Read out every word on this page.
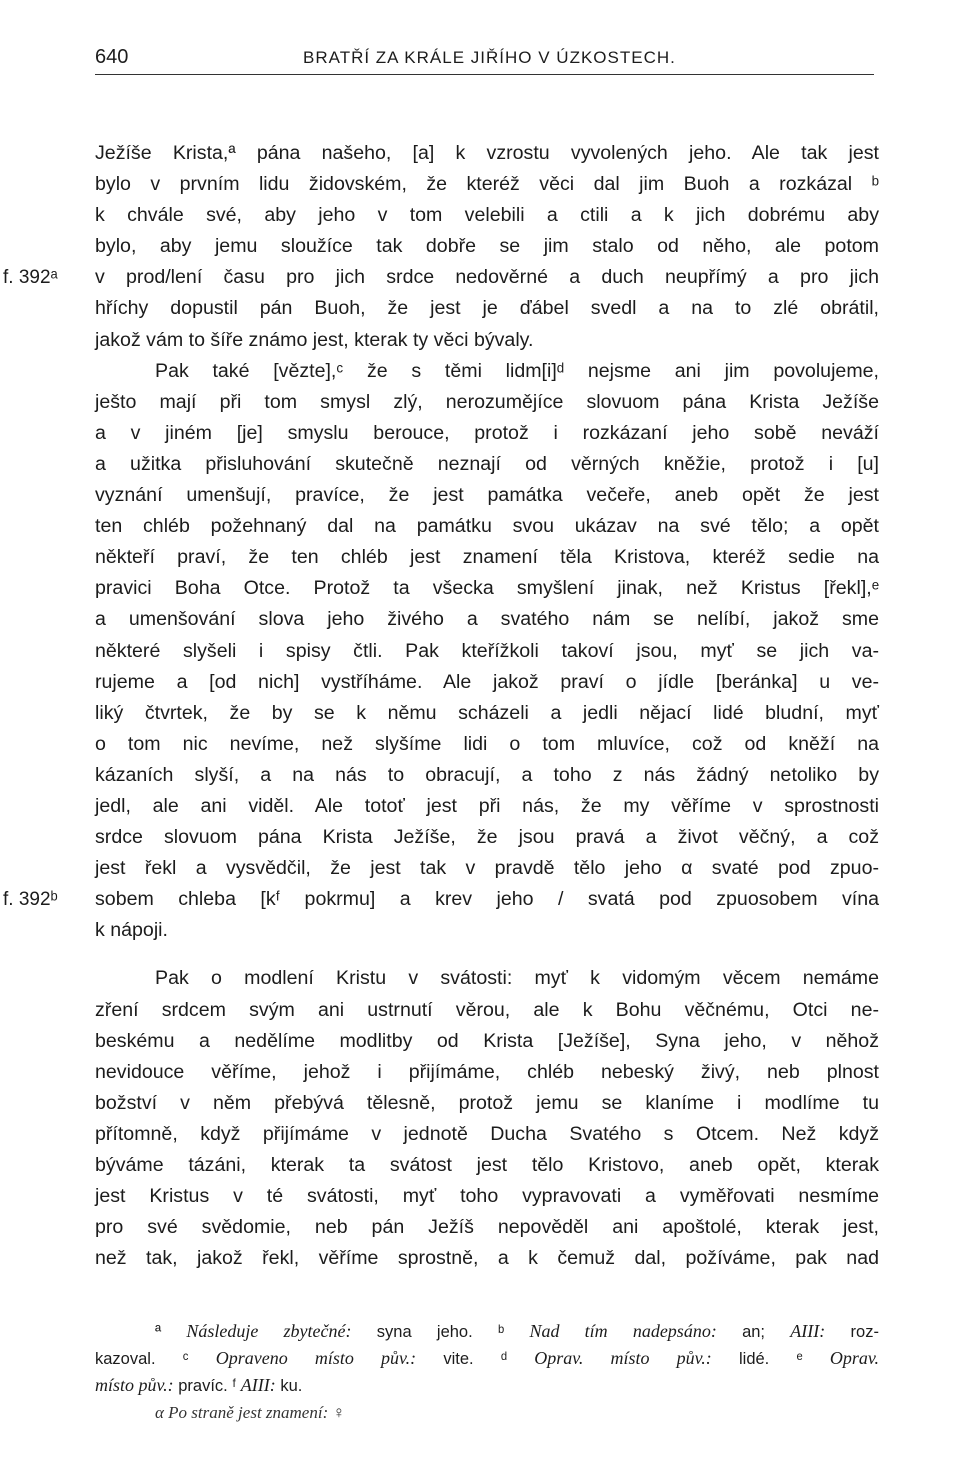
640	BRATŘÍ ZA KRÁLE JIŘÍHO V ÚZKOSTECH.
Ježíše Krista,ª pána našeho, [a] k vzrostu vyvolených jeho. Ale tak jest
bylo v prvním lidu židovském, že kteréž věci dal jim Buoh a rozkázal ᵇ
k chvále své, aby jeho v tom velebili a ctili a k jich dobrému aby
bylo, aby jemu sloužíce tak dobře se jim stalo od něho, ale potom
f. 392ᵃ v prod/lení času pro jich srdce nedověrné a duch neupřímý a pro jich
hříchy dopustil pán Buoh, že jest je ďábel svedl a na to zlé obrátil,
jakož vám to šíře známo jest, kterak ty věci bývaly.
Pak také [vězte],ᶜ že s těmi lidm[i]ᵈ nejsme ani jim povolujeme,
ješto mají při tom smysl zlý, nerozumějíce slovuom pána Krista Ježíše
a v jiném [je] smyslu berouce, protož i rozkázaní jeho sobě neváží
a užitka přisluhování skutečně neznají od věrných kněžie, protož i [u]
vyznání umenšují, pravíce, že jest památka večeře, aneb opět že jest
ten chléb požehnaný dal na památku svou ukázav na své tělo; a opět
někteří praví, že ten chléb jest znamení těla Kristova, kteréž sedie na
pravici Boha Otce. Protož ta všecka smyšlení jinak, než Kristus [řekl],ᵉ
a umenšování slova jeho živého a svatého nám se nelíbí, jakož sme
některé slyšeli i spisy čtli. Pak kteřížkoli takoví jsou, myť se jich va-
rujeme a [od nich] vystříháme. Ale jakož praví o jídle [beránka] u ve-
liký čtvrtek, že by se k němu scházeli a jedli nějací lidé bludní, myť
o tom nic nevíme, než slyšíme lidi o tom mluvíce, což od kněží na
kázaních slyší, a na nás to obracují, a toho z nás žádný netoliko by
jedl, ale ani viděl. Ale totoť jest při nás, že my věříme v sprostnosti
srdce slovuom pána Krista Ježíše, že jsou pravá a život věčný, a což
jest řekl a vysvědčil, že jest tak v pravdě tělo jeho α svaté pod zpuo-
f. 392ᵇ sobem chleba [kᶠ pokrmu] a krev jeho / svatá pod zpuosobem vína
k nápoji.
Pak o modlení Kristu v svátosti: myť k vidomým věcem nemáme
zření srdcem svým ani ustrnutí věrou, ale k Bohu věčnému, Otci ne-
beskému a nedělíme modlitby od Krista [Ježíše], Syna jeho, v něhož
nevidouce věříme, jehož i přijímáme, chléb nebeský živý, neb plnost
božství v něm přebývá tělesně, protož jemu se klaníme i modlíme tu
přítomně, když přijímáme v jednotě Ducha Svatého s Otcem. Než když
býváme tázáni, kterak ta svátost jest tělo Kristovo, aneb opět, kterak
jest Kristus v té svátosti, myť toho vypravovati a vyměřovati nesmíme
pro své svědomie, neb pán Ježíš nepověděl ani apoštolé, kterak jest,
než tak, jakož řekl, věříme sprostně, a k čemuž dal, požíváme, pak nad
ª Následuje zbytečné: syna jeho. ᵇ Nad tím nadepsáno: an; AIII: roz-
kazoval. ᶜ Opraveno místo pův.: vite. ᵈ Oprav. místo pův.: lidé. ᵉ Oprav.
místo pův.: pravíc. ᶠ AIII: ku.
α Po straně jest znamení: ♀
